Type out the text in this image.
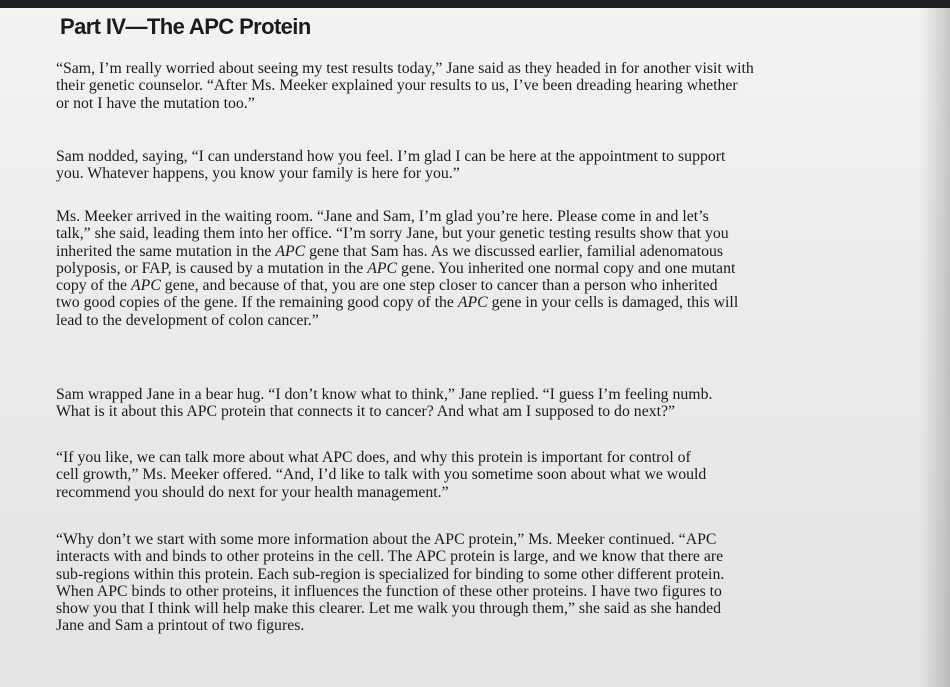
Part IV—The APC Protein
“Sam, I’m really worried about seeing my test results today,” Jane said as they headed in for another visit with
their genetic counselor. “After Ms. Meeker explained your results to us, I’ve been dreading hearing whether
or not I have the mutation too.”
Sam nodded, saying, “I can understand how you feel. I’m glad I can be here at the appointment to support
you. Whatever happens, you know your family is here for you.”
Ms. Meeker arrived in the waiting room. “Jane and Sam, I’m glad you’re here. Please come in and let’s
talk,” she said, leading them into her office. “I’m sorry Jane, but your genetic testing results show that you
inherited the same mutation in the APC gene that Sam has. As we discussed earlier, familial adenomatous
polyposis, or FAP, is caused by a mutation in the APC gene. You inherited one normal copy and one mutant
copy of the APC gene, and because of that, you are one step closer to cancer than a person who inherited
two good copies of the gene. If the remaining good copy of the APC gene in your cells is damaged, this will
lead to the development of colon cancer.”
Sam wrapped Jane in a bear hug. “I don’t know what to think,” Jane replied. “I guess I’m feeling numb.
What is it about this APC protein that connects it to cancer? And what am I supposed to do next?”
“If you like, we can talk more about what APC does, and why this protein is important for control of
cell growth,” Ms. Meeker offered. “And, I’d like to talk with you sometime soon about what we would
recommend you should do next for your health management.”
“Why don’t we start with some more information about the APC protein,” Ms. Meeker continued. “APC
interacts with and binds to other proteins in the cell. The APC protein is large, and we know that there are
sub-regions within this protein. Each sub-region is specialized for binding to some other different protein.
When APC binds to other proteins, it influences the function of these other proteins. I have two figures to
show you that I think will help make this clearer. Let me walk you through them,” she said as she handed
Jane and Sam a printout of two figures.
